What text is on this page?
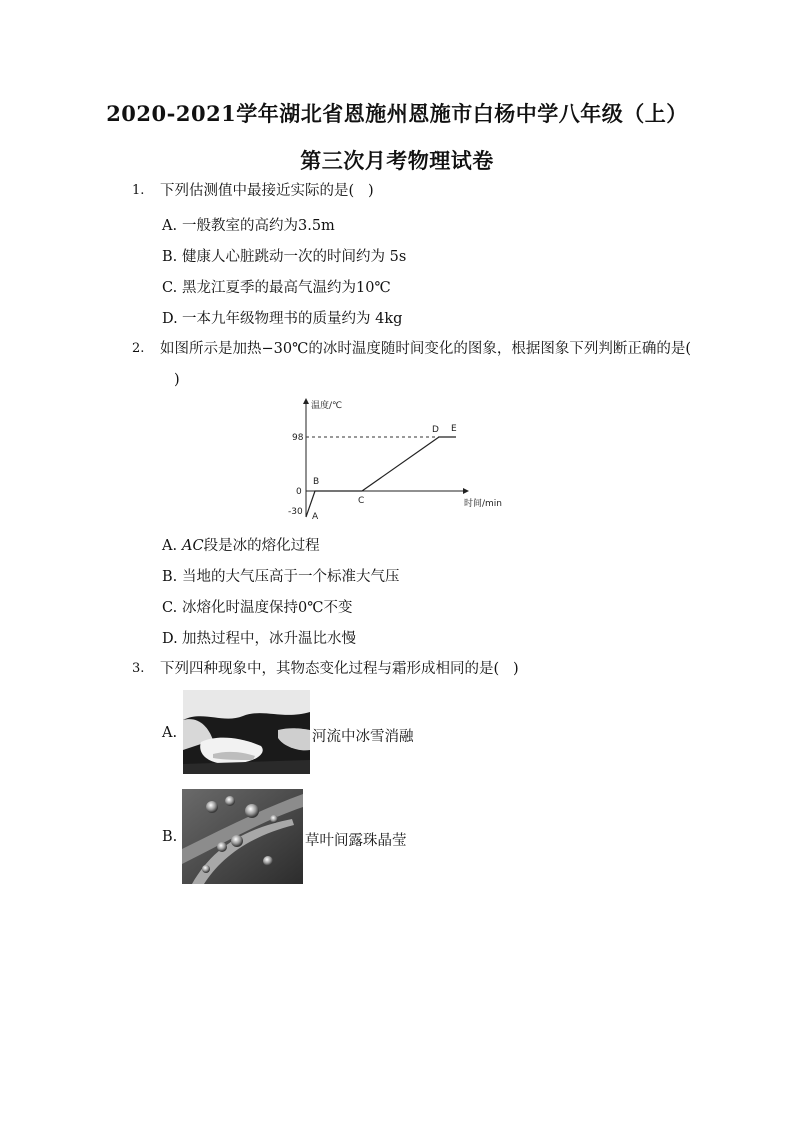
2020-2021学年湖北省恩施州恩施市白杨中学八年级（上）
第三次月考物理试卷
1.	下列估测值中最接近实际的是(   )
A. 一般教室的高约为3.5m
B. 健康人心脏跳动一次的时间约为 5s
C. 黑龙江夏季的最高气温约为10℃
D. 一本九年级物理书的质量约为 4kg
2.	如图所示是加热−30℃的冰时温度随时间变化的图象，根据图象下列判断正确的是(
)
温度/℃
时间/min
98
0
-30 A
B
C
D E
A. AC段是冰的熔化过程
B. 当地的大气压高于一个标准大气压
C. 冰熔化时温度保持0℃不变
D. 加热过程中，冰升温比水慢
3.	下列四种现象中，其物态变化过程与霜形成相同的是(   )
A.	河流中冰雪消融
B.	草叶间露珠晶莹
